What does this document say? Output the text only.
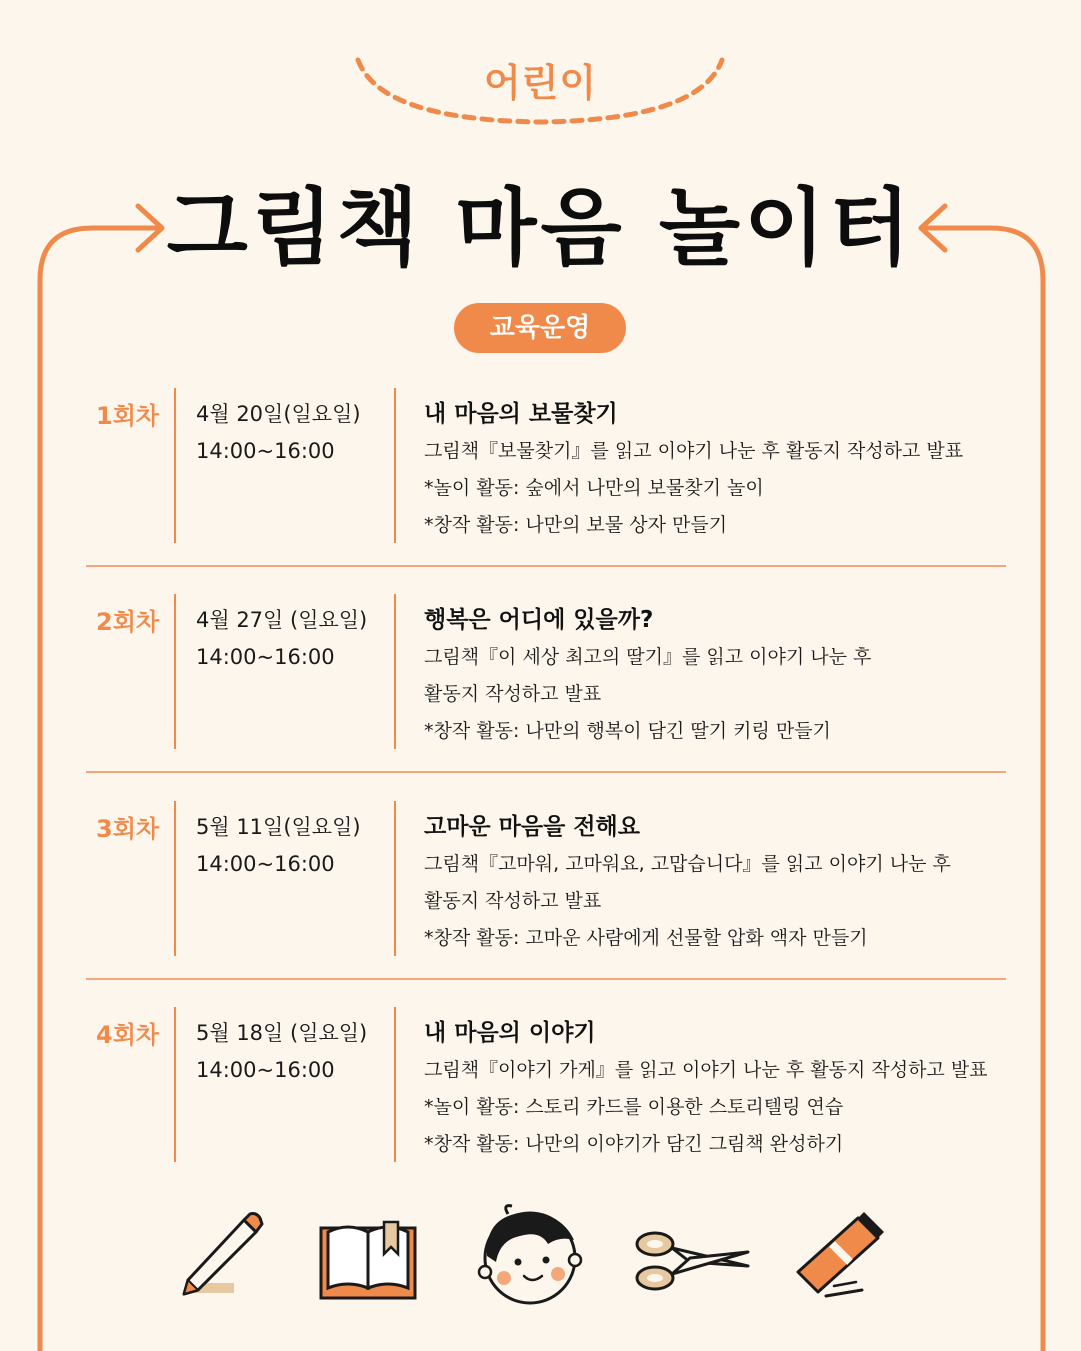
어린이
그림책 마음 놀이터
교육운영
1회차 4월 20일(일요일)
14:00~16:00
내 마음의 보물찾기
그림책『보물찾기』를 읽고 이야기 나눈 후 활동지 작성하고 발표
*놀이 활동: 숲에서 나만의 보물찾기 놀이
*창작 활동: 나만의 보물 상자 만들기
2회차 4월 27일 (일요일)
14:00~16:00
행복은 어디에 있을까?
그림책『이 세상 최고의 딸기』를 읽고 이야기 나눈 후
활동지 작성하고 발표
*창작 활동: 나만의 행복이 담긴 딸기 키링 만들기
3회차 5월 11일(일요일)
14:00~16:00
고마운 마음을 전해요
그림책『고마워, 고마워요, 고맙습니다』를 읽고 이야기 나눈 후
활동지 작성하고 발표
*창작 활동: 고마운 사람에게 선물할 압화 액자 만들기
4회차 5월 18일 (일요일)
14:00~16:00
내 마음의 이야기
그림책『이야기 가게』를 읽고 이야기 나눈 후 활동지 작성하고 발표
*놀이 활동: 스토리 카드를 이용한 스토리텔링 연습
*창작 활동: 나만의 이야기가 담긴 그림책 완성하기
